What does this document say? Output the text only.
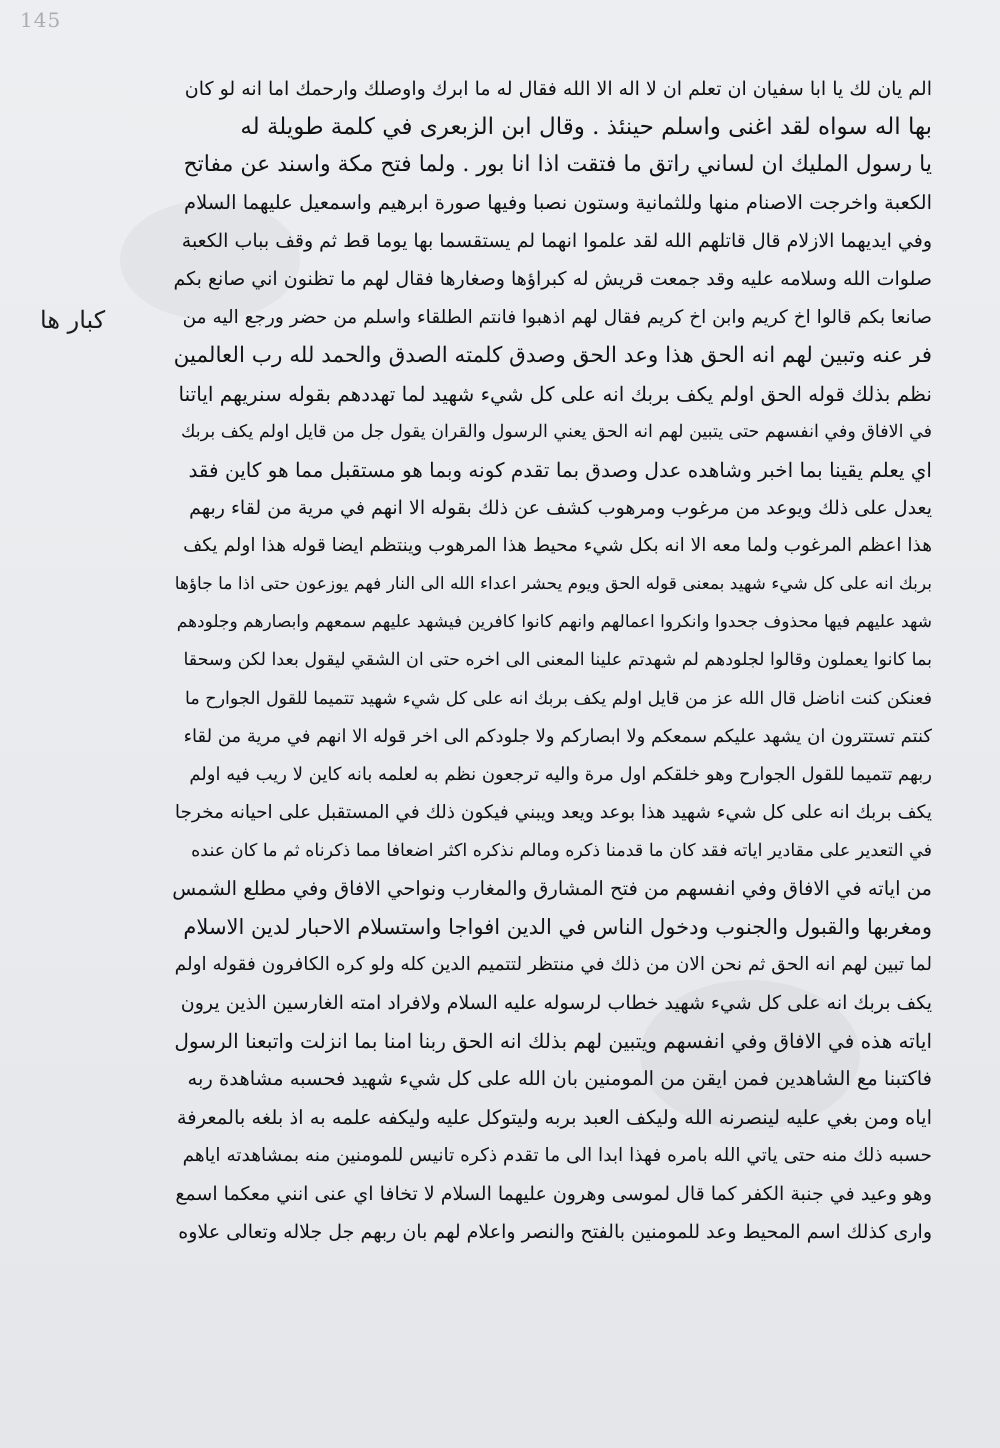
145
كبار ها
الم يان لك يا ابا سفيان ان تعلم ان لا اله الا الله فقال له ما ابرك واوصلك وارحمك اما انه لو كان
بها اله سواه لقد اغنى واسلم حينئذ . وقال ابن الزبعرى في كلمة طويلة له
يا رسول المليك ان لساني راتق ما فتقت اذا انا بور . ولما فتح مكة واسند عن مفاتح
الكعبة واخرجت الاصنام منها وللثمانية وستون نصبا وفيها صورة ابرهيم واسمعيل عليهما السلام
وفي ايديهما الازلام قال قاتلهم الله لقد علموا انهما لم يستقسما بها يوما قط ثم وقف بباب الكعبة
صلوات الله وسلامه عليه وقد جمعت قريش له كبراؤها وصغارها فقال لهم ما تظنون اني صانع بكم
صانعا بكم قالوا اخ كريم وابن اخ كريم فقال لهم اذهبوا فانتم الطلقاء واسلم من حضر ورجع اليه من
فر عنه وتبين لهم انه الحق هذا وعد الحق وصدق كلمته الصدق والحمد لله رب العالمين
نظم بذلك قوله الحق اولم يكف بربك انه على كل شيء شهيد لما تهددهم بقوله سنريهم اياتنا
في الافاق وفي انفسهم حتى يتبين لهم انه الحق يعني الرسول والقران يقول جل من قايل اولم يكف بربك
اي يعلم يقينا بما اخبر وشاهده عدل وصدق بما تقدم كونه وبما هو مستقبل مما هو كاين فقد
يعدل على ذلك ويوعد من مرغوب ومرهوب كشف عن ذلك بقوله الا انهم في مرية من لقاء ربهم
هذا اعظم المرغوب ولما معه الا انه بكل شيء محيط هذا المرهوب وينتظم ايضا قوله هذا اولم يكف
بربك انه على كل شيء شهيد بمعنى قوله الحق ويوم يحشر اعداء الله الى النار فهم يوزعون حتى اذا ما جاؤها
شهد عليهم فيها محذوف جحدوا وانكروا اعمالهم وانهم كانوا كافرين فيشهد عليهم سمعهم وابصارهم وجلودهم
بما كانوا يعملون وقالوا لجلودهم لم شهدتم علينا المعنى الى اخره حتى ان الشقي ليقول بعدا لكن وسحقا
فعنكن كنت اناضل قال الله عز من قايل اولم يكف بربك انه على كل شيء شهيد تتميما للقول الجوارح ما
كنتم تستترون ان يشهد عليكم سمعكم ولا ابصاركم ولا جلودكم الى اخر قوله الا انهم في مرية من لقاء
ربهم تتميما للقول الجوارح وهو خلقكم اول مرة واليه ترجعون نظم به لعلمه بانه كاين لا ريب فيه اولم
يكف بربك انه على كل شيء شهيد هذا بوعد ويعد ويبني فيكون ذلك في المستقبل على احيانه مخرجا
في التعدير على مقادير اياته فقد كان ما قدمنا ذكره ومالم نذكره اكثر اضعافا مما ذكرناه ثم ما كان عنده
من اياته في الافاق وفي انفسهم من فتح المشارق والمغارب ونواحي الافاق وفي مطلع الشمس
ومغربها والقبول والجنوب ودخول الناس في الدين افواجا واستسلام الاحبار لدين الاسلام
لما تبين لهم انه الحق ثم نحن الان من ذلك في منتظر لتتميم الدين كله ولو كره الكافرون فقوله اولم
يكف بربك انه على كل شيء شهيد خطاب لرسوله عليه السلام ولافراد امته الغارسين الذين يرون
اياته هذه في الافاق وفي انفسهم ويتبين لهم بذلك انه الحق ربنا امنا بما انزلت واتبعنا الرسول
فاكتبنا مع الشاهدين فمن ايقن من المومنين بان الله على كل شيء شهيد فحسبه مشاهدة ربه
اياه ومن بغي عليه لينصرنه الله وليكف العبد بربه وليتوكل عليه وليكفه علمه به اذ بلغه بالمعرفة
حسبه ذلك منه حتى ياتي الله بامره فهذا ابدا الى ما تقدم ذكره تانيس للمومنين منه بمشاهدته اياهم
وهو وعيد في جنبة الكفر كما قال لموسى وهرون عليهما السلام لا تخافا اي عنى انني معكما اسمع
وارى كذلك اسم المحيط وعد للمومنين بالفتح والنصر واعلام لهم بان ربهم جل جلاله وتعالى علاوه
